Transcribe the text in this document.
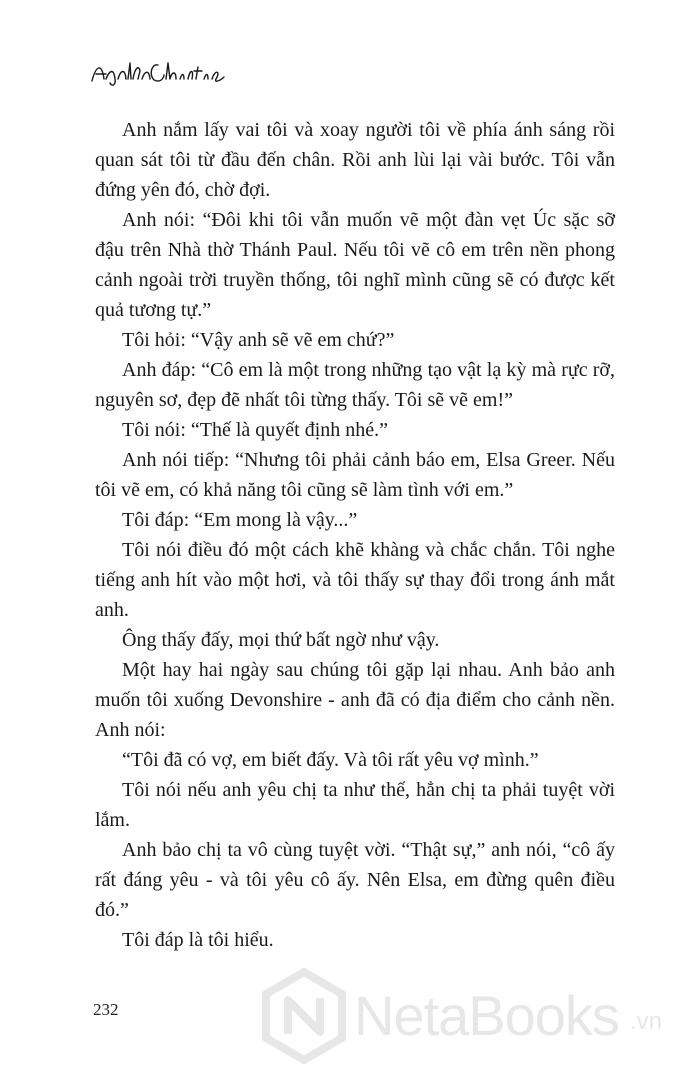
Anh nắm lấy vai tôi và xoay người tôi về phía ánh sáng rồi quan sát tôi từ đầu đến chân. Rồi anh lùi lại vài bước. Tôi vẫn đứng yên đó, chờ đợi.

Anh nói: “Đôi khi tôi vẫn muốn vẽ một đàn vẹt Úc sặc sỡ đậu trên Nhà thờ Thánh Paul. Nếu tôi vẽ cô em trên nền phong cảnh ngoài trời truyền thống, tôi nghĩ mình cũng sẽ có được kết quả tương tự.”

Tôi hỏi: “Vậy anh sẽ vẽ em chứ?”

Anh đáp: “Cô em là một trong những tạo vật lạ kỳ mà rực rỡ, nguyên sơ, đẹp đẽ nhất tôi từng thấy. Tôi sẽ vẽ em!”

Tôi nói: “Thế là quyết định nhé.”

Anh nói tiếp: “Nhưng tôi phải cảnh báo em, Elsa Greer. Nếu tôi vẽ em, có khả năng tôi cũng sẽ làm tình với em.”

Tôi đáp: “Em mong là vậy...”

Tôi nói điều đó một cách khẽ khàng và chắc chắn. Tôi nghe tiếng anh hít vào một hơi, và tôi thấy sự thay đổi trong ánh mắt anh.

Ông thấy đấy, mọi thứ bất ngờ như vậy.

Một hay hai ngày sau chúng tôi gặp lại nhau. Anh bảo anh muốn tôi xuống Devonshire - anh đã có địa điểm cho cảnh nền. Anh nói:

“Tôi đã có vợ, em biết đấy. Và tôi rất yêu vợ mình.”

Tôi nói nếu anh yêu chị ta như thế, hẳn chị ta phải tuyệt vời lắm.

Anh bảo chị ta vô cùng tuyệt vời. “Thật sự,” anh nói, “cô ấy rất đáng yêu - và tôi yêu cô ấy. Nên Elsa, em đừng quên điều đó.”

Tôi đáp là tôi hiểu.

232	NetaBooks .vn
